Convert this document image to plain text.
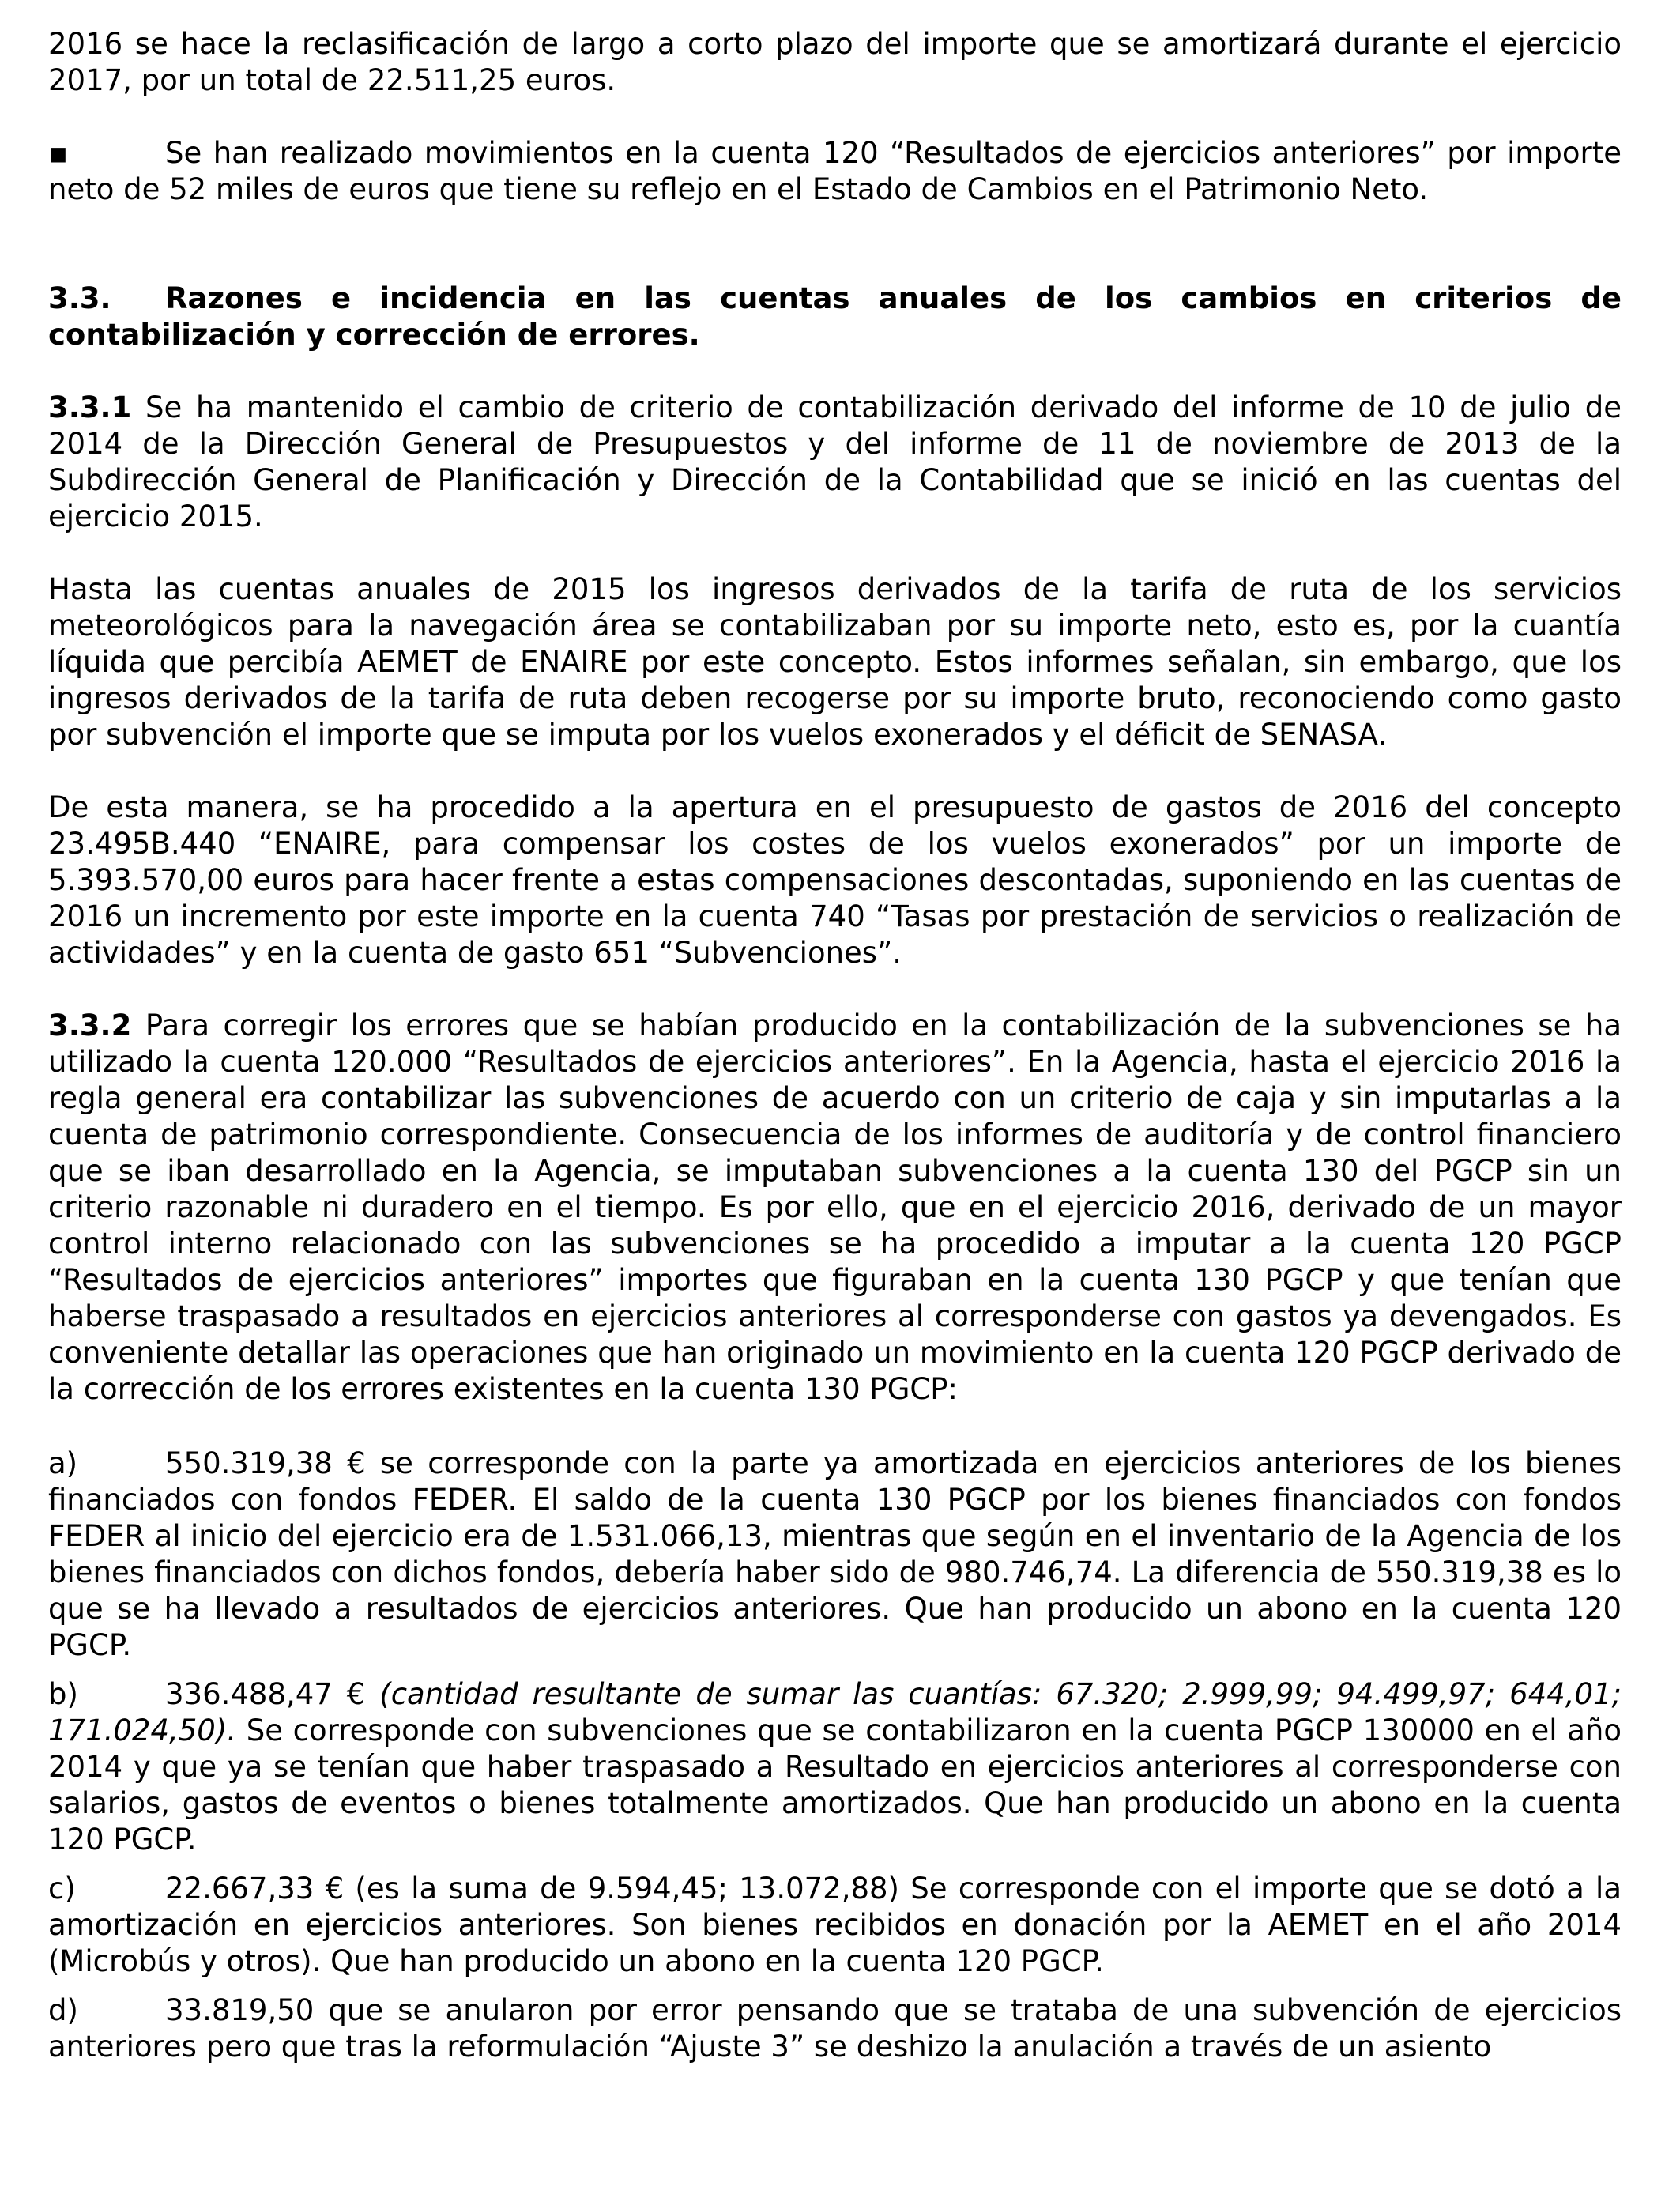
2016 se hace la reclasificación de largo a corto plazo del importe que se amortizará durante el ejercicio 2017, por un total de 22.511,25 euros.

▪	Se han realizado movimientos en la cuenta 120 “Resultados de ejercicios anteriores” por importe neto de 52 miles de euros que tiene su reflejo en el Estado de Cambios en el Patrimonio Neto.

3.3. Razones e incidencia en las cuentas anuales de los cambios en criterios de contabilización y corrección de errores.

3.3.1 Se ha mantenido el cambio de criterio de contabilización derivado del informe de 10 de julio de 2014 de la Dirección General de Presupuestos y del informe de 11 de noviembre de 2013 de la Subdirección General de Planificación y Dirección de la Contabilidad que se inició en las cuentas del ejercicio 2015.

Hasta las cuentas anuales de 2015 los ingresos derivados de la tarifa de ruta de los servicios meteorológicos para la navegación área se contabilizaban por su importe neto, esto es, por la cuantía líquida que percibía AEMET de ENAIRE por este concepto. Estos informes señalan, sin embargo, que los ingresos derivados de la tarifa de ruta deben recogerse por su importe bruto, reconociendo como gasto por subvención el importe que se imputa por los vuelos exonerados y el déficit de SENASA.

De esta manera, se ha procedido a la apertura en el presupuesto de gastos de 2016 del concepto 23.495B.440 “ENAIRE, para compensar los costes de los vuelos exonerados” por un importe de 5.393.570,00 euros para hacer frente a estas compensaciones descontadas, suponiendo en las cuentas de 2016 un incremento por este importe en la cuenta 740 “Tasas por prestación de servicios o realización de actividades” y en la cuenta de gasto 651 “Subvenciones”.

3.3.2 Para corregir los errores que se habían producido en la contabilización de la subvenciones se ha utilizado la cuenta 120.000 “Resultados de ejercicios anteriores”. En la Agencia, hasta el ejercicio 2016 la regla general era contabilizar las subvenciones de acuerdo con un criterio de caja y sin imputarlas a la cuenta de patrimonio correspondiente. Consecuencia de los informes de auditoría y de control financiero que se iban desarrollado en la Agencia, se imputaban subvenciones a la cuenta 130 del PGCP sin un criterio razonable ni duradero en el tiempo. Es por ello, que en el ejercicio 2016, derivado de un mayor control interno relacionado con las subvenciones se ha procedido a imputar a la cuenta 120 PGCP “Resultados de ejercicios anteriores” importes que figuraban en la cuenta 130 PGCP y que tenían que haberse traspasado a resultados en ejercicios anteriores al corresponderse con gastos ya devengados. Es conveniente detallar las operaciones que han originado un movimiento en la cuenta 120 PGCP derivado de la corrección de los errores existentes en la cuenta 130 PGCP:

a)	550.319,38 € se corresponde con la parte ya amortizada en ejercicios anteriores de los bienes financiados con fondos FEDER. El saldo de la cuenta 130 PGCP por los bienes financiados con fondos FEDER al inicio del ejercicio era de 1.531.066,13, mientras que según en el inventario de la Agencia de los bienes financiados con dichos fondos, debería haber sido de 980.746,74. La diferencia de 550.319,38 es lo que se ha llevado a resultados de ejercicios anteriores. Que han producido un abono en la cuenta 120 PGCP.

b)	336.488,47 € (cantidad resultante de sumar las cuantías: 67.320; 2.999,99; 94.499,97; 644,01; 171.024,50). Se corresponde con subvenciones que se contabilizaron en la cuenta PGCP 130000 en el año 2014 y que ya se tenían que haber traspasado a Resultado en ejercicios anteriores al corresponderse con salarios, gastos de eventos o bienes totalmente amortizados. Que han producido un abono en la cuenta 120 PGCP.

c)	22.667,33 € (es la suma de 9.594,45; 13.072,88) Se corresponde con el importe que se dotó a la amortización en ejercicios anteriores. Son bienes recibidos en donación por la AEMET en el año 2014 (Microbús y otros). Que han producido un abono en la cuenta 120 PGCP.

d)	33.819,50 que se anularon por error pensando que se trataba de una subvención de ejercicios anteriores pero que tras la reformulación “Ajuste 3” se deshizo la anulación a través de un asiento
